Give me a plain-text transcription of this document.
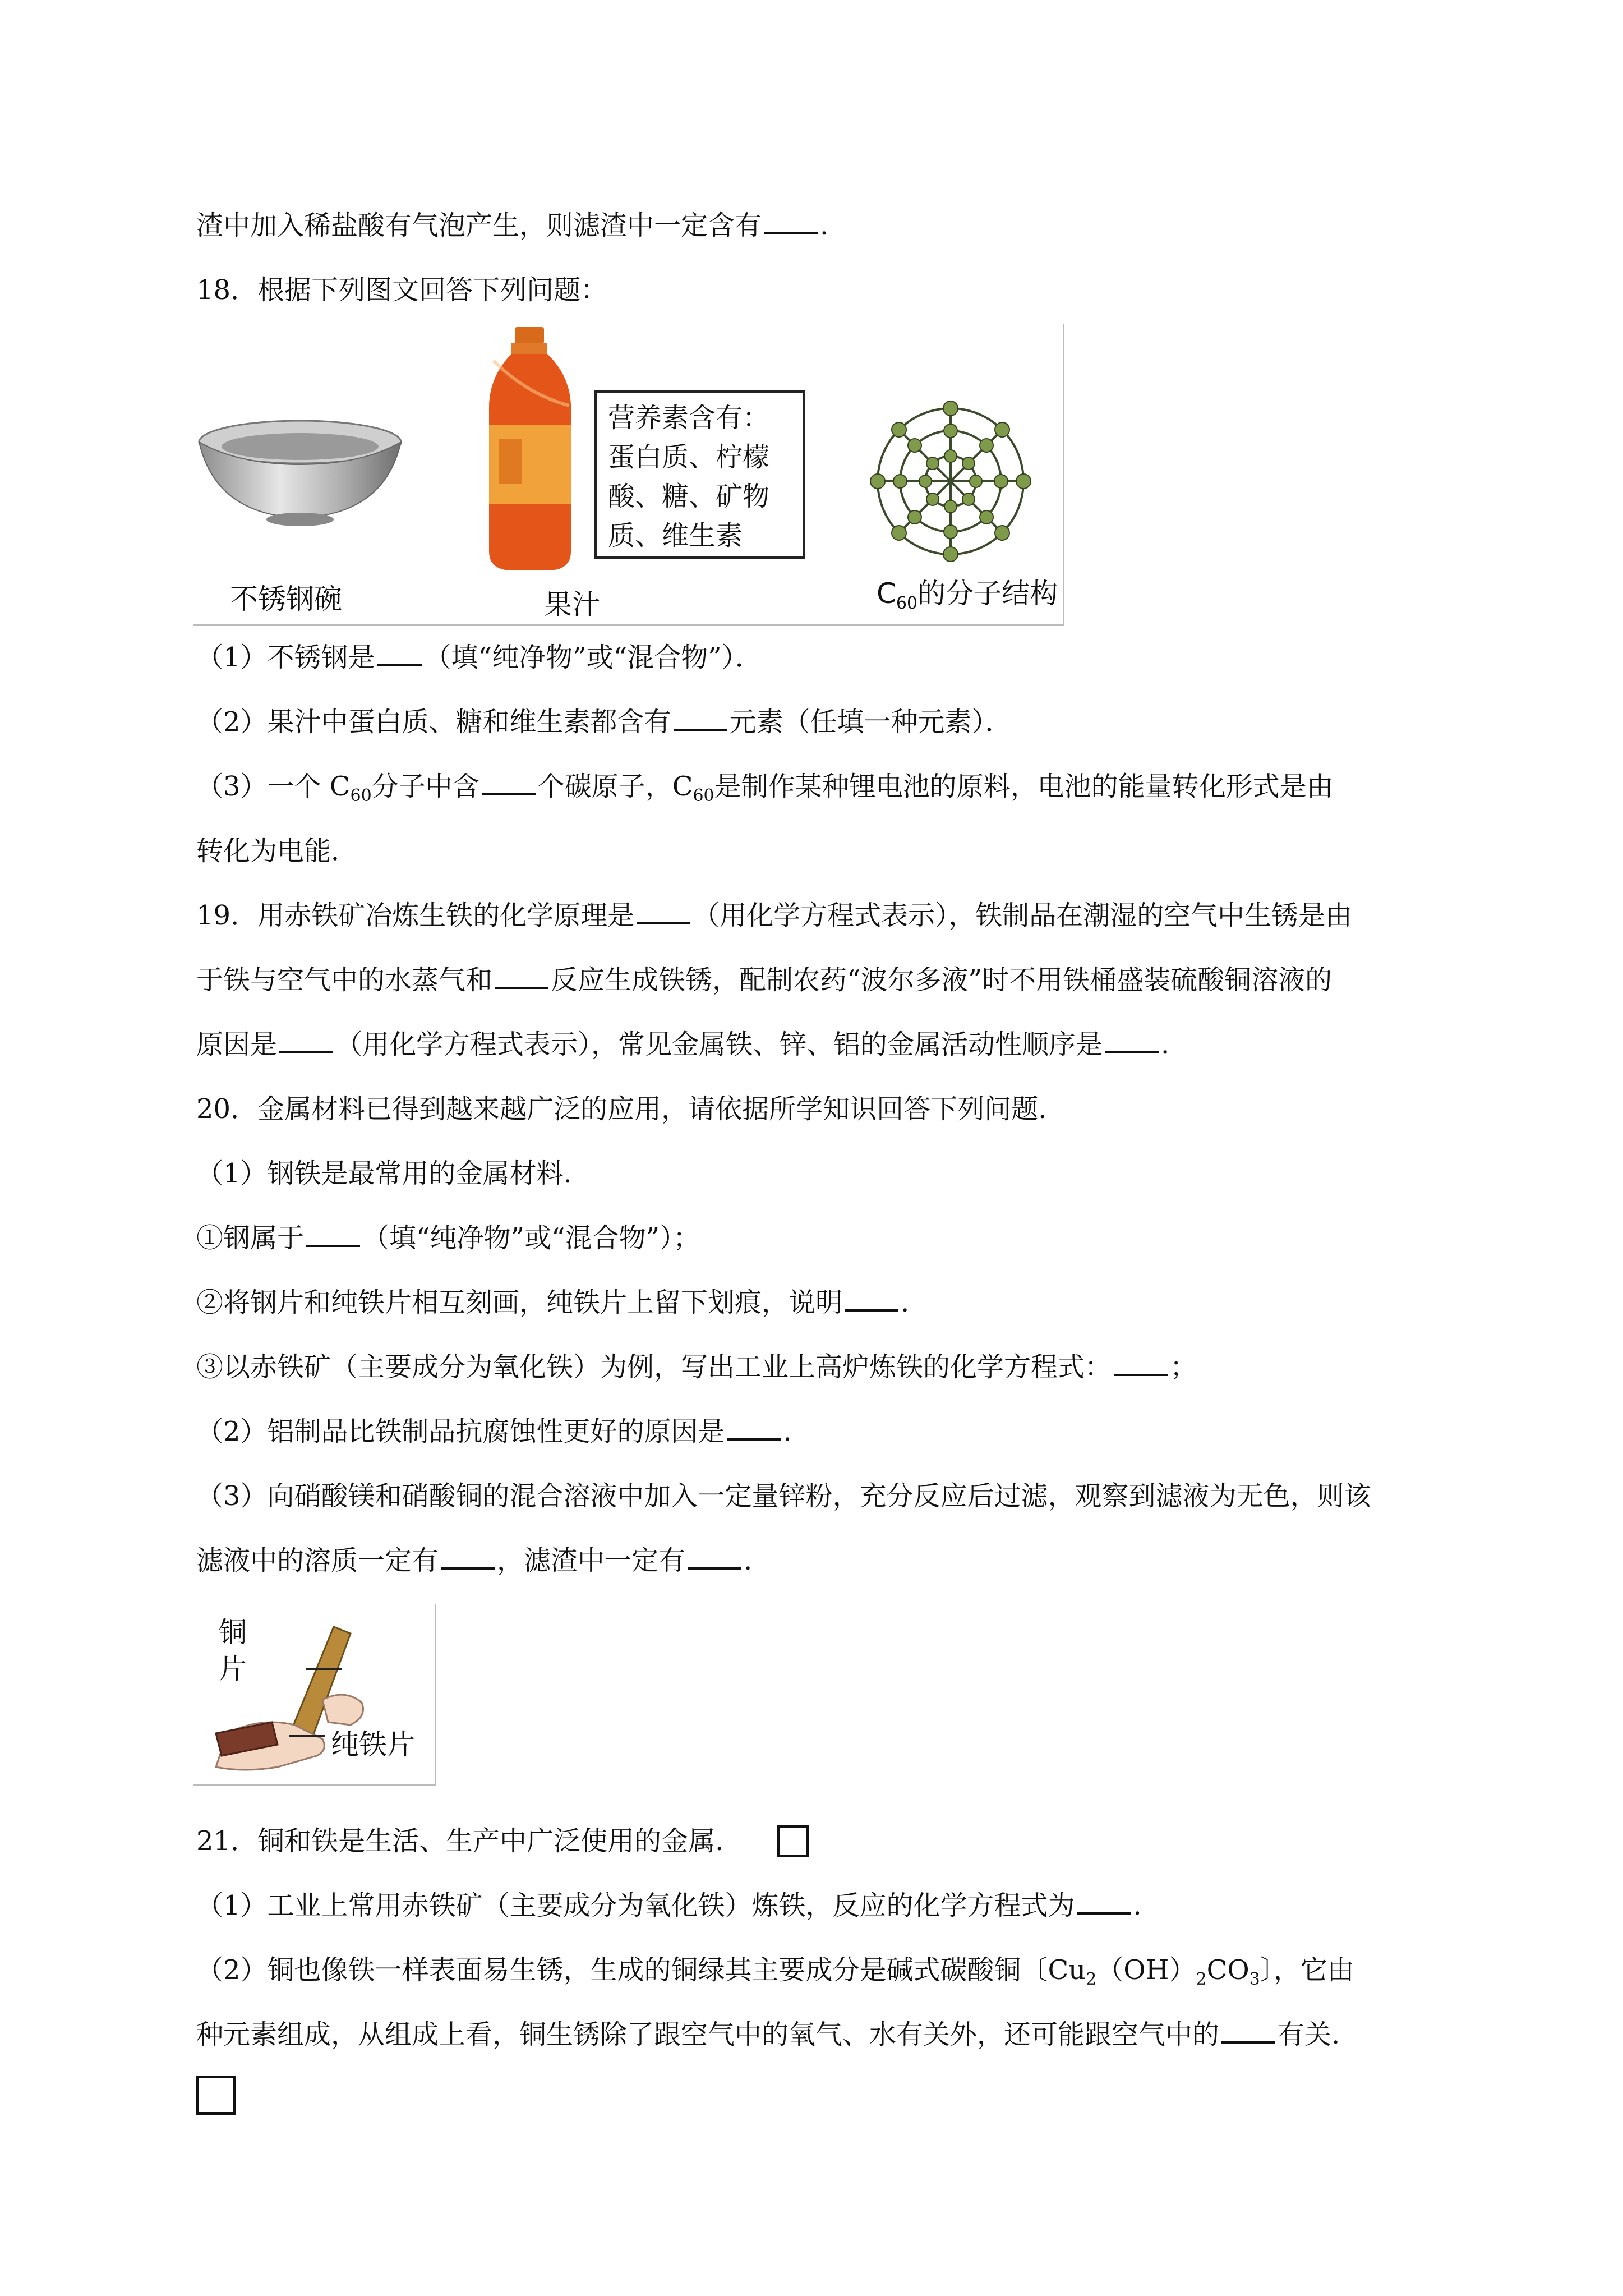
渣中加入稀盐酸有气泡产生，则滤渣中一定含有 .
18．根据下列图文回答下列问题：
不锈钢碗	果汁
营养素含有：
蛋白质、柠檬
酸、糖、矿物
质、维生素
$C_{60}$的分子结构
（1）不锈钢是 （填“纯净物”或“混合物”）．
（2）果汁中蛋白质、糖和维生素都含有 元素（任填一种元素）．
（3）一个 $C_{60}$分子中含 个碳原子，$C_{60}$是制作某种锂电池的原料，电池的能量转化形式是由
转化为电能．
19．用赤铁矿冶炼生铁的化学原理是 （用化学方程式表示），铁制品在潮湿的空气中生锈是由
于铁与空气中的水蒸气和 反应生成铁锈，配制农药“波尔多液”时不用铁桶盛装硫酸铜溶液的
原因是 （用化学方程式表示），常见金属铁、锌、铝的金属活动性顺序是 .
20．金属材料已得到越来越广泛的应用，请依据所学知识回答下列问题.
（1）钢铁是最常用的金属材料.
①钢属于 （填“纯净物”或“混合物”）；
②将钢片和纯铁片相互刻画，纯铁片上留下划痕，说明 .
③以赤铁矿（主要成分为氧化铁）为例，写出工业上高炉炼铁的化学方程式： ；
（2）铝制品比铁制品抗腐蚀性更好的原因是 .
（3）向硝酸镁和硝酸铜的混合溶液中加入一定量锌粉，充分反应后过滤，观察到滤液为无色，则该
滤液中的溶质一定有 ，滤渣中一定有 .
铜
片
纯铁片
21．铜和铁是生活、生产中广泛使用的金属.
（1）工业上常用赤铁矿（主要成分为氧化铁）炼铁，反应的化学方程式为 .
（2）铜也像铁一样表面易生锈，生成的铜绿其主要成分是碱式碳酸铜〔$Cu_2(OH)_2CO_3$〕，它由
种元素组成，从组成上看，铜生锈除了跟空气中的氧气、水有关外，还可能跟空气中的 有关.
